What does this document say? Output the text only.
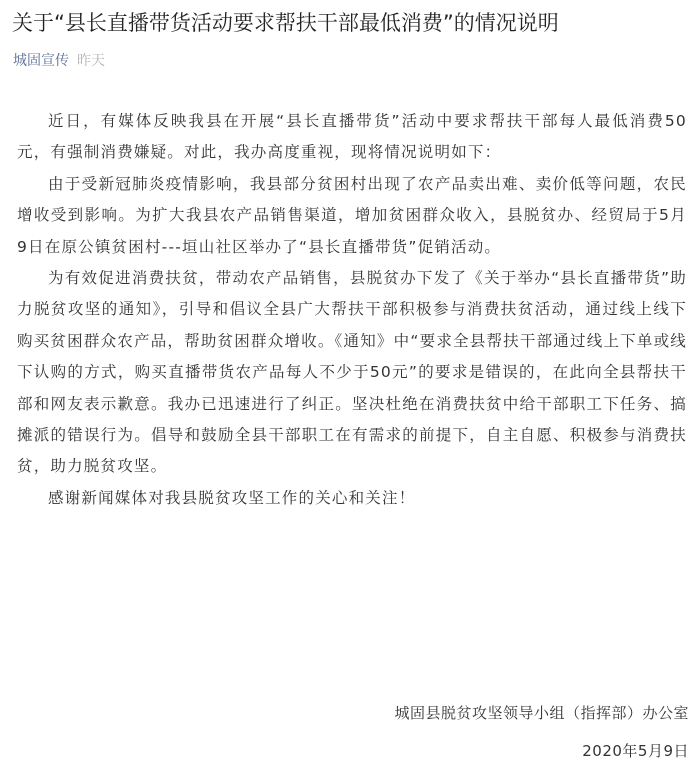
关于“县长直播带货活动要求帮扶干部最低消费”的情况说明
城固宣传 昨天

近日，有媒体反映我县在开展“县长直播带货”活动中要求帮扶干部每人最低消费50元，有强制消费嫌疑。对此，我办高度重视，现将情况说明如下：

由于受新冠肺炎疫情影响，我县部分贫困村出现了农产品卖出难、卖价低等问题，农民增收受到影响。为扩大我县农产品销售渠道，增加贫困群众收入，县脱贫办、经贸局于5月9日在原公镇贫困村---垣山社区举办了“县长直播带货”促销活动。

为有效促进消费扶贫，带动农产品销售，县脱贫办下发了《关于举办“县长直播带货”助力脱贫攻坚的通知》，引导和倡议全县广大帮扶干部积极参与消费扶贫活动，通过线上线下购买贫困群众农产品，帮助贫困群众增收。《通知》中“要求全县帮扶干部通过线上下单或线下认购的方式，购买直播带货农产品每人不少于50元”的要求是错误的，在此向全县帮扶干部和网友表示歉意。我办已迅速进行了纠正。坚决杜绝在消费扶贫中给干部职工下任务、搞摊派的错误行为。倡导和鼓励全县干部职工在有需求的前提下，自主自愿、积极参与消费扶贫，助力脱贫攻坚。

感谢新闻媒体对我县脱贫攻坚工作的关心和关注！

城固县脱贫攻坚领导小组（指挥部）办公室
2020年5月9日
